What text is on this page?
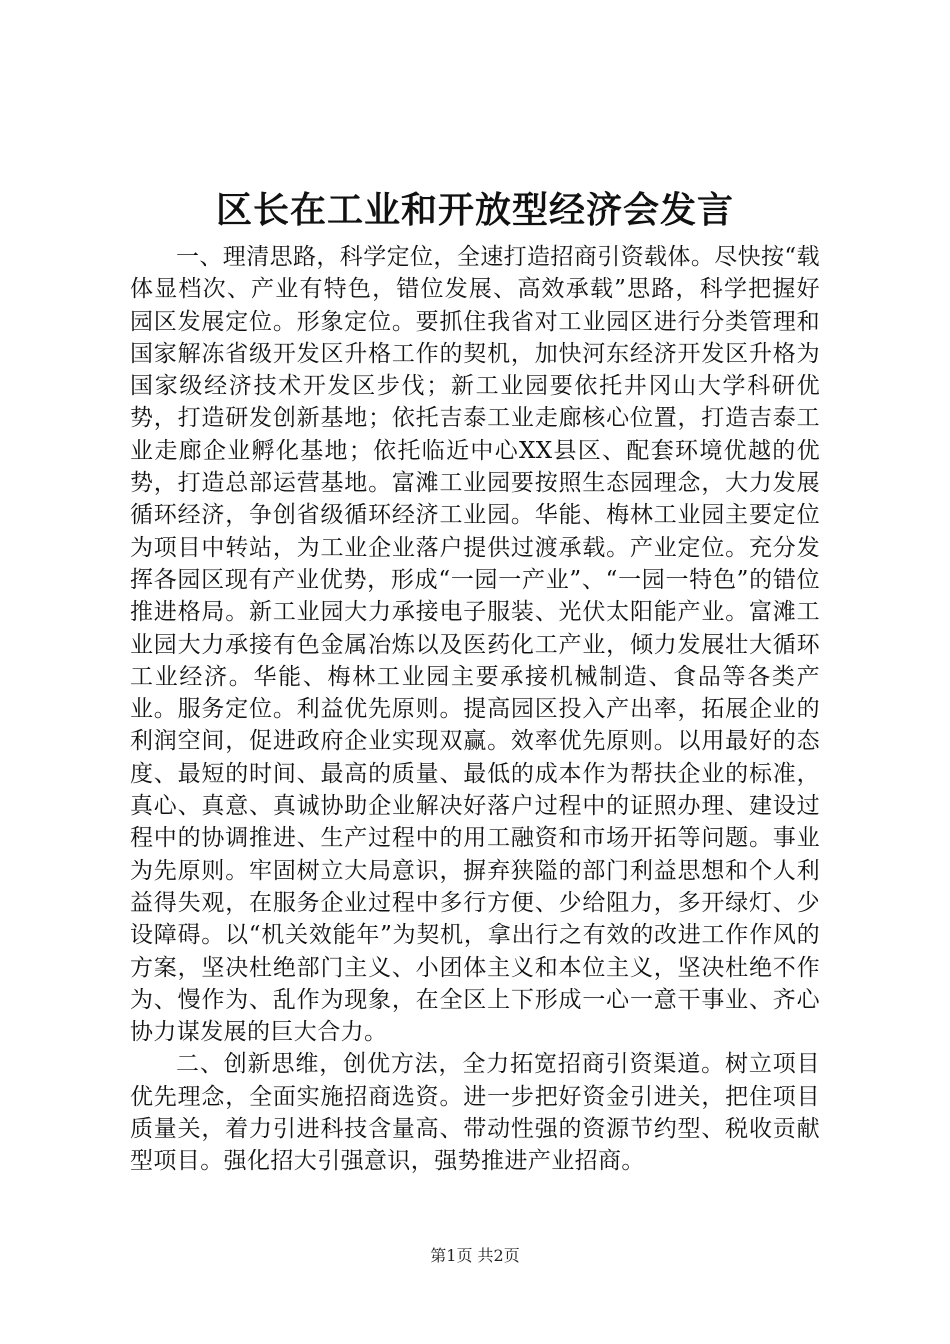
区长在工业和开放型经济会发言

一、理清思路，科学定位，全速打造招商引资载体。尽快按“载体显档次、产业有特色，错位发展、高效承载”思路，科学把握好园区发展定位。形象定位。要抓住我省对工业园区进行分类管理和国家解冻省级开发区升格工作的契机，加快河东经济开发区升格为国家级经济技术开发区步伐；新工业园要依托井冈山大学科研优势，打造研发创新基地；依托吉泰工业走廊核心位置，打造吉泰工业走廊企业孵化基地；依托临近中心XX县区、配套环境优越的优势，打造总部运营基地。富滩工业园要按照生态园理念，大力发展循环经济，争创省级循环经济工业园。华能、梅林工业园主要定位为项目中转站，为工业企业落户提供过渡承载。产业定位。充分发挥各园区现有产业优势，形成“一园一产业”、“一园一特色”的错位推进格局。新工业园大力承接电子服装、光伏太阳能产业。富滩工业园大力承接有色金属冶炼以及医药化工产业，倾力发展壮大循环工业经济。华能、梅林工业园主要承接机械制造、食品等各类产业。服务定位。利益优先原则。提高园区投入产出率，拓展企业的利润空间，促进政府企业实现双赢。效率优先原则。以用最好的态度、最短的时间、最高的质量、最低的成本作为帮扶企业的标准，真心、真意、真诚协助企业解决好落户过程中的证照办理、建设过程中的协调推进、生产过程中的用工融资和市场开拓等问题。事业为先原则。牢固树立大局意识，摒弃狭隘的部门利益思想和个人利益得失观，在服务企业过程中多行方便、少给阻力，多开绿灯、少设障碍。以“机关效能年”为契机，拿出行之有效的改进工作作风的方案，坚决杜绝部门主义、小团体主义和本位主义，坚决杜绝不作为、慢作为、乱作为现象，在全区上下形成一心一意干事业、齐心协力谋发展的巨大合力。

二、创新思维，创优方法，全力拓宽招商引资渠道。树立项目优先理念，全面实施招商选资。进一步把好资金引进关，把住项目质量关，着力引进科技含量高、带动性强的资源节约型、税收贡献型项目。强化招大引强意识，强势推进产业招商。

第1页 共2页
